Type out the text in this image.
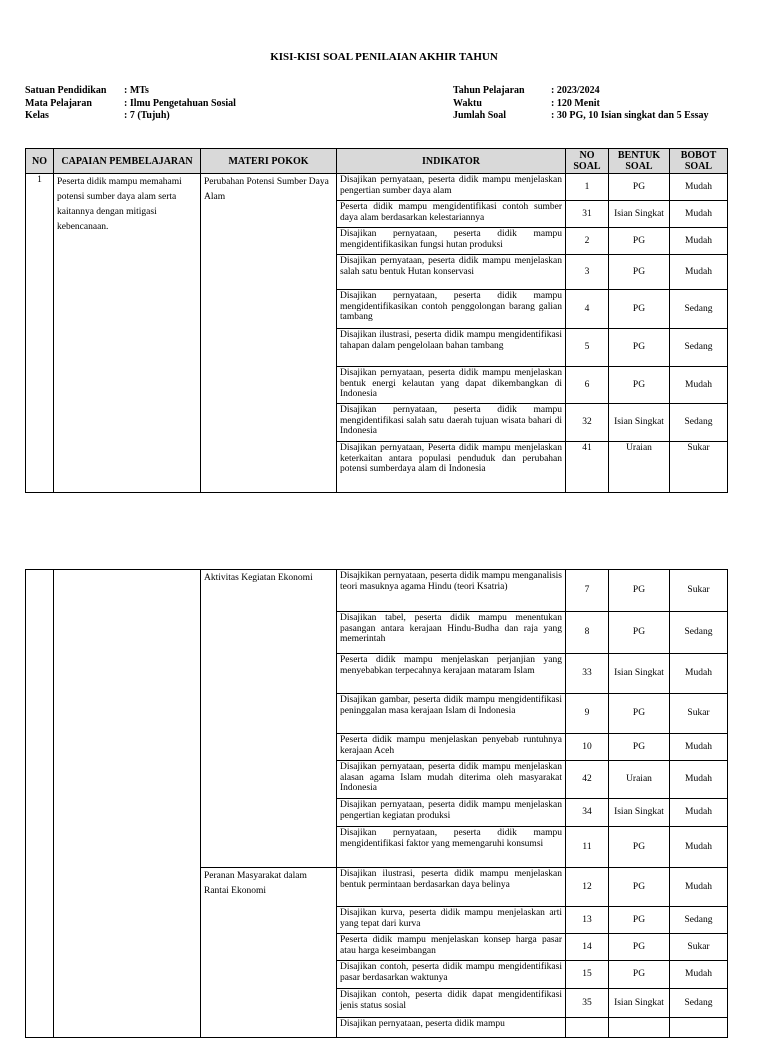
KISI-KISI SOAL PENILAIAN AKHIR TAHUN
Satuan Pendidikan	: MTs
Mata Pelajaran	: Ilmu Pengetahuan Sosial
Kelas	: 7 (Tujuh)
Tahun Pelajaran	: 2023/2024
Waktu	: 120 Menit
Jumlah Soal	: 30 PG, 10 Isian singkat dan 5 Essay
NO	CAPAIAN PEMBELAJARAN	MATERI POKOK	INDIKATOR	NO SOAL	BENTUK SOAL	BOBOT SOAL
1	Peserta didik mampu memahami potensi sumber daya alam serta kaitannya dengan mitigasi kebencanaan.	Perubahan Potensi Sumber Daya Alam	Disajikan pernyataan, peserta didik mampu menjelaskan pengertian sumber daya alam	1	PG	Mudah
			Peserta didik mampu mengidentifikasi contoh sumber daya alam berdasarkan kelestariannya	31	Isian Singkat	Mudah
			Disajikan pernyataan, peserta didik mampu mengidentifikasikan fungsi hutan produksi	2	PG	Mudah
			Disajikan pernyataan, peserta didik mampu menjelaskan salah satu bentuk Hutan konservasi	3	PG	Mudah
			Disajikan pernyataan, peserta didik mampu mengidentifikasikan contoh penggolongan barang galian tambang	4	PG	Sedang
			Disajikan ilustrasi, peserta didik mampu mengidentifikasi tahapan dalam pengelolaan bahan tambang	5	PG	Sedang
			Disajikan pernyataan, peserta didik mampu menjelaskan bentuk energi kelautan yang dapat dikembangkan di Indonesia	6	PG	Mudah
			Disajikan pernyataan, peserta didik mampu mengidentifikasi salah satu daerah tujuan wisata bahari di Indonesia	32	Isian Singkat	Sedang
			Disajikan pernyataan, Peserta didik mampu menjelaskan keterkaitan antara populasi penduduk dan perubahan potensi sumberdaya alam di Indonesia	41	Uraian	Sukar
		Aktivitas Kegiatan Ekonomi	Disajkikan pernyataan, peserta didik mampu menganalisis teori masuknya agama Hindu (teori Ksatria)	7	PG	Sukar
			Disajikan tabel, peserta didik mampu menentukan pasangan antara kerajaan Hindu-Budha dan raja yang memerintah	8	PG	Sedang
			Peserta didik mampu menjelaskan perjanjian yang menyebabkan terpecahnya kerajaan mataram Islam	33	Isian Singkat	Mudah
			Disajikan gambar, peserta didik mampu mengidentifikasi peninggalan masa kerajaan Islam di Indonesia	9	PG	Sukar
			Peserta didik mampu menjelaskan penyebab runtuhnya kerajaan Aceh	10	PG	Mudah
			Disajikan pernyataan, peserta didik mampu menjelaskan alasan agama Islam mudah diterima oleh masyarakat Indonesia	42	Uraian	Mudah
			Disajikan pernyataan, peserta didik mampu menjelaskan pengertian kegiatan produksi	34	Isian Singkat	Mudah
			Disajikan pernyataan, peserta didik mampu mengidentifikasi faktor yang memengaruhi konsumsi	11	PG	Mudah
		Peranan Masyarakat dalam Rantai Ekonomi	Disajikan ilustrasi, peserta didik mampu menjelaskan bentuk permintaan berdasarkan daya belinya	12	PG	Mudah
			Disajikan kurva, peserta didik mampu menjelaskan arti yang tepat dari kurva	13	PG	Sedang
			Peserta didik mampu menjelaskan konsep harga pasar atau harga keseimbangan	14	PG	Sukar
			Disajikan contoh, peserta didik mampu mengidentifikasi pasar berdasarkan waktunya	15	PG	Mudah
			Disajikan contoh, peserta didik dapat mengidentifikasi jenis status sosial	35	Isian Singkat	Sedang
			Disajikan pernyataan, peserta didik mampu			
